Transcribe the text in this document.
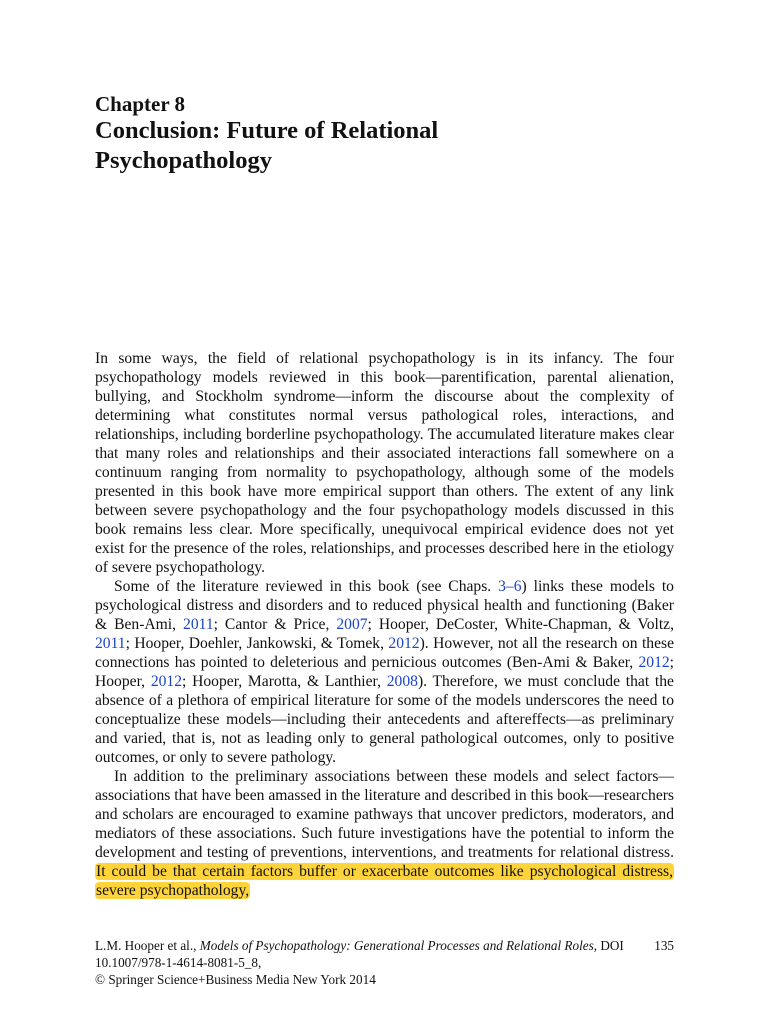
Chapter 8
Conclusion: Future of Relational
Psychopathology

In some ways, the field of relational psychopathology is in its infancy. The four psychopathology models reviewed in this book—parentification, parental alienation, bullying, and Stockholm syndrome—inform the discourse about the complexity of determining what constitutes normal versus pathological roles, interactions, and relationships, including borderline psychopathology. The accumulated literature makes clear that many roles and relationships and their associated interactions fall somewhere on a continuum ranging from normality to psychopathology, although some of the models presented in this book have more empirical support than others. The extent of any link between severe psychopathology and the four psychopathology models discussed in this book remains less clear. More specifically, unequivocal empirical evidence does not yet exist for the presence of the roles, relationships, and processes described here in the etiology of severe psychopathology.

Some of the literature reviewed in this book (see Chaps. 3–6) links these models to psychological distress and disorders and to reduced physical health and functioning (Baker & Ben-Ami, 2011; Cantor & Price, 2007; Hooper, DeCoster, White-Chapman, & Voltz, 2011; Hooper, Doehler, Jankowski, & Tomek, 2012). However, not all the research on these connections has pointed to deleterious and pernicious outcomes (Ben-Ami & Baker, 2012; Hooper, 2012; Hooper, Marotta, & Lanthier, 2008). Therefore, we must conclude that the absence of a plethora of empirical literature for some of the models underscores the need to conceptualize these models—including their antecedents and aftereffects—as preliminary and varied, that is, not as leading only to general pathological outcomes, only to positive outcomes, or only to severe pathology.

In addition to the preliminary associations between these models and select factors—associations that have been amassed in the literature and described in this book—researchers and scholars are encouraged to examine pathways that uncover predictors, moderators, and mediators of these associations. Such future investigations have the potential to inform the development and testing of preventions, interventions, and treatments for relational distress. It could be that certain factors buffer or exacerbate outcomes like psychological distress, severe psychopathology,

135
L.M. Hooper et al., Models of Psychopathology: Generational Processes and Relational Roles, DOI 10.1007/978-1-4614-8081-5_8,
© Springer Science+Business Media New York 2014
